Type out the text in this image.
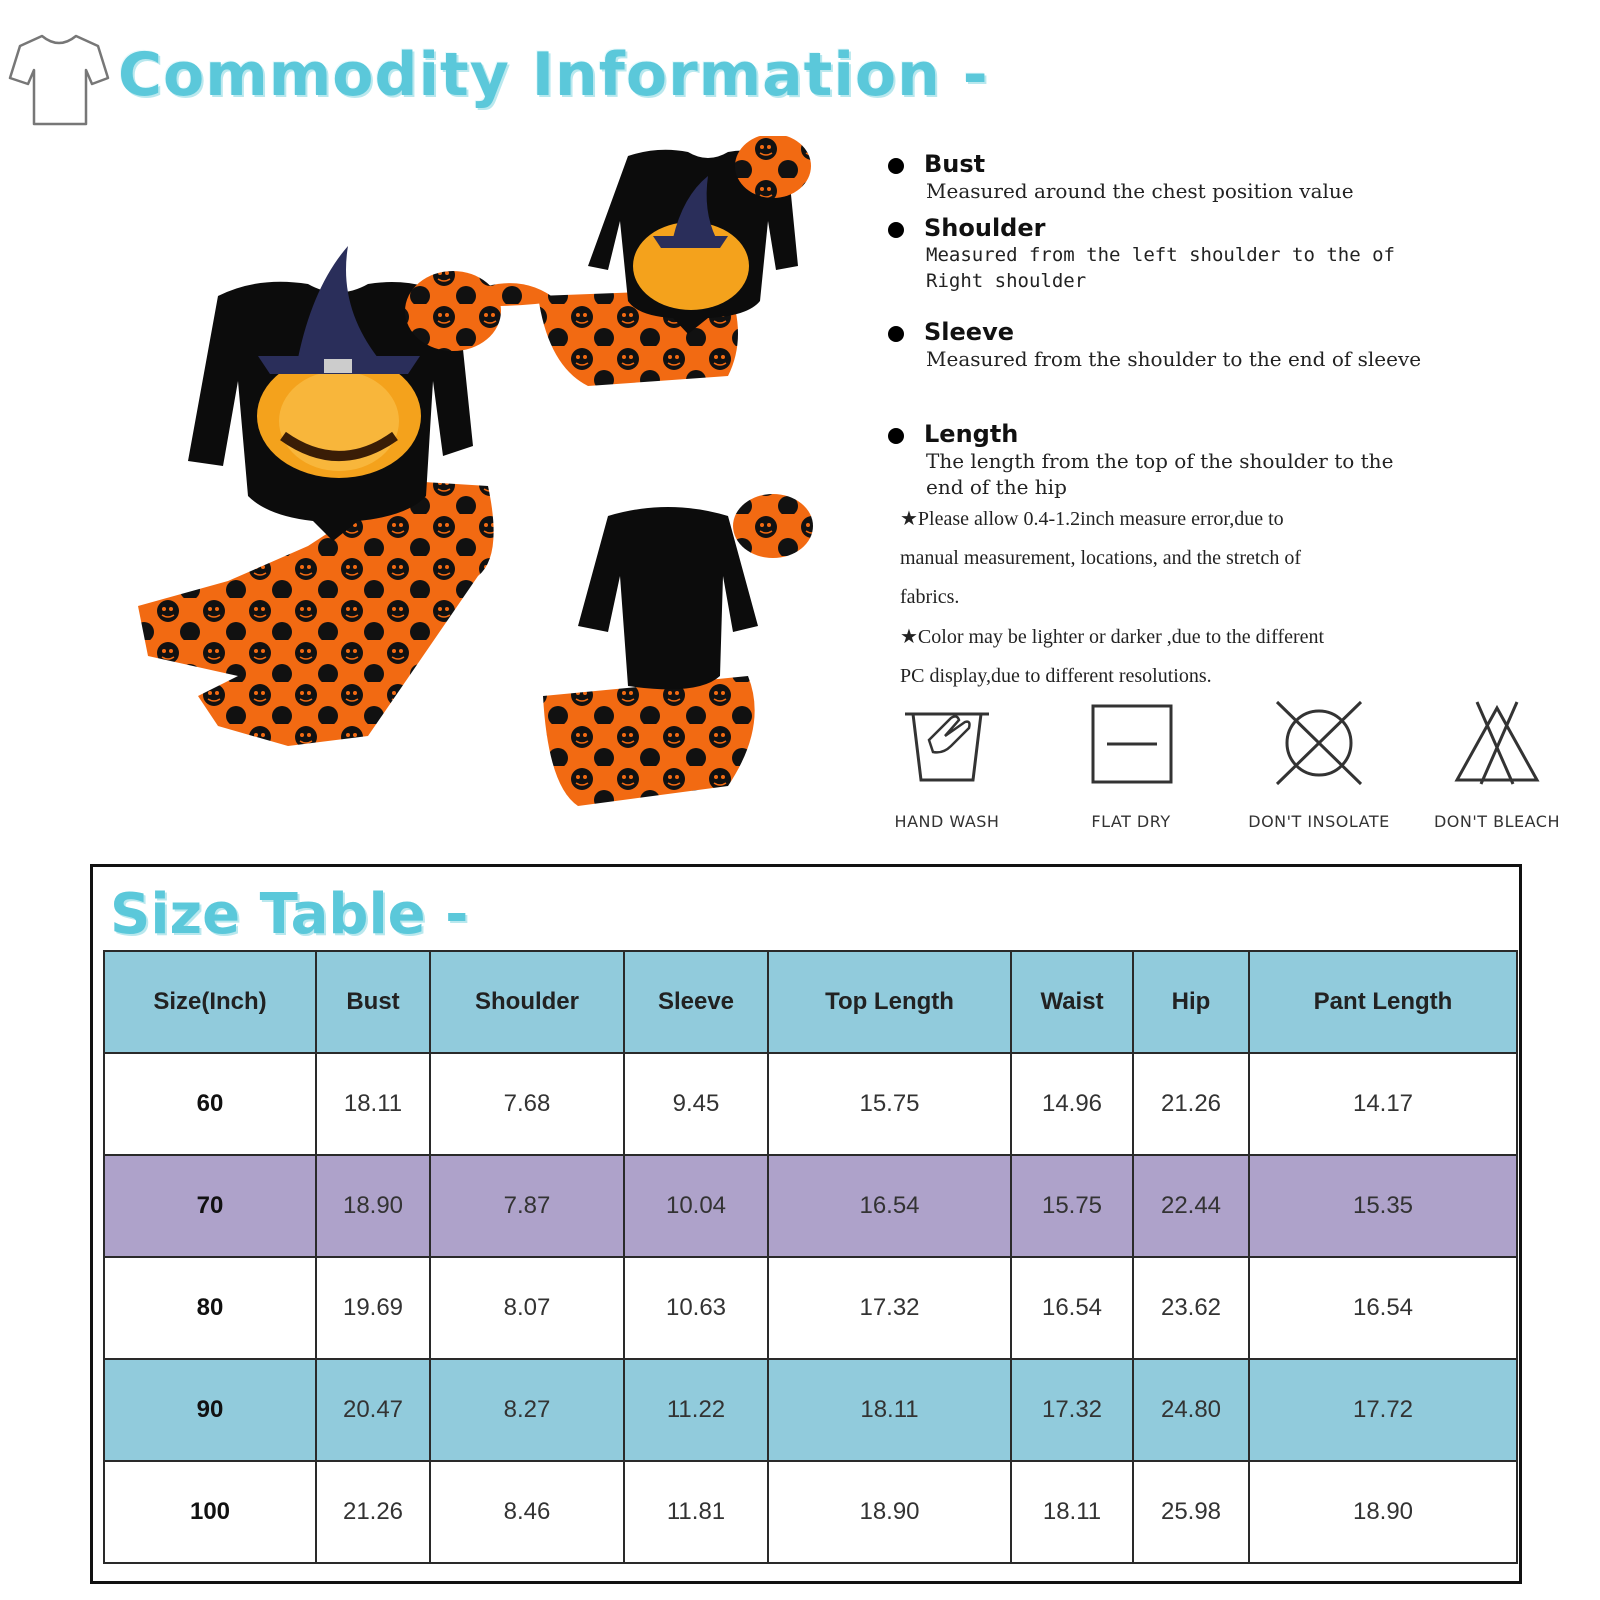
Commodity Information -
Bust
Measured around the chest position value
Shoulder
Measured from the left shoulder to the of Right shoulder
Sleeve
Measured from the shoulder to the end of sleeve
Length
The length from the top of the shoulder to the end of the hip
★Please allow 0.4-1.2inch measure error,due to manual measurement, locations, and the stretch of fabrics.
★Color may be lighter or darker ,due to the different PC display,due to different resolutions.
HAND WASH	FLAT DRY	DON'T INSOLATE	DON'T BLEACH
Size Table -
Size(Inch)	Bust	Shoulder	Sleeve	Top Length	Waist	Hip	Pant Length
60	18.11	7.68	9.45	15.75	14.96	21.26	14.17
70	18.90	7.87	10.04	16.54	15.75	22.44	15.35
80	19.69	8.07	10.63	17.32	16.54	23.62	16.54
90	20.47	8.27	11.22	18.11	17.32	24.80	17.72
100	21.26	8.46	11.81	18.90	18.11	25.98	18.90
